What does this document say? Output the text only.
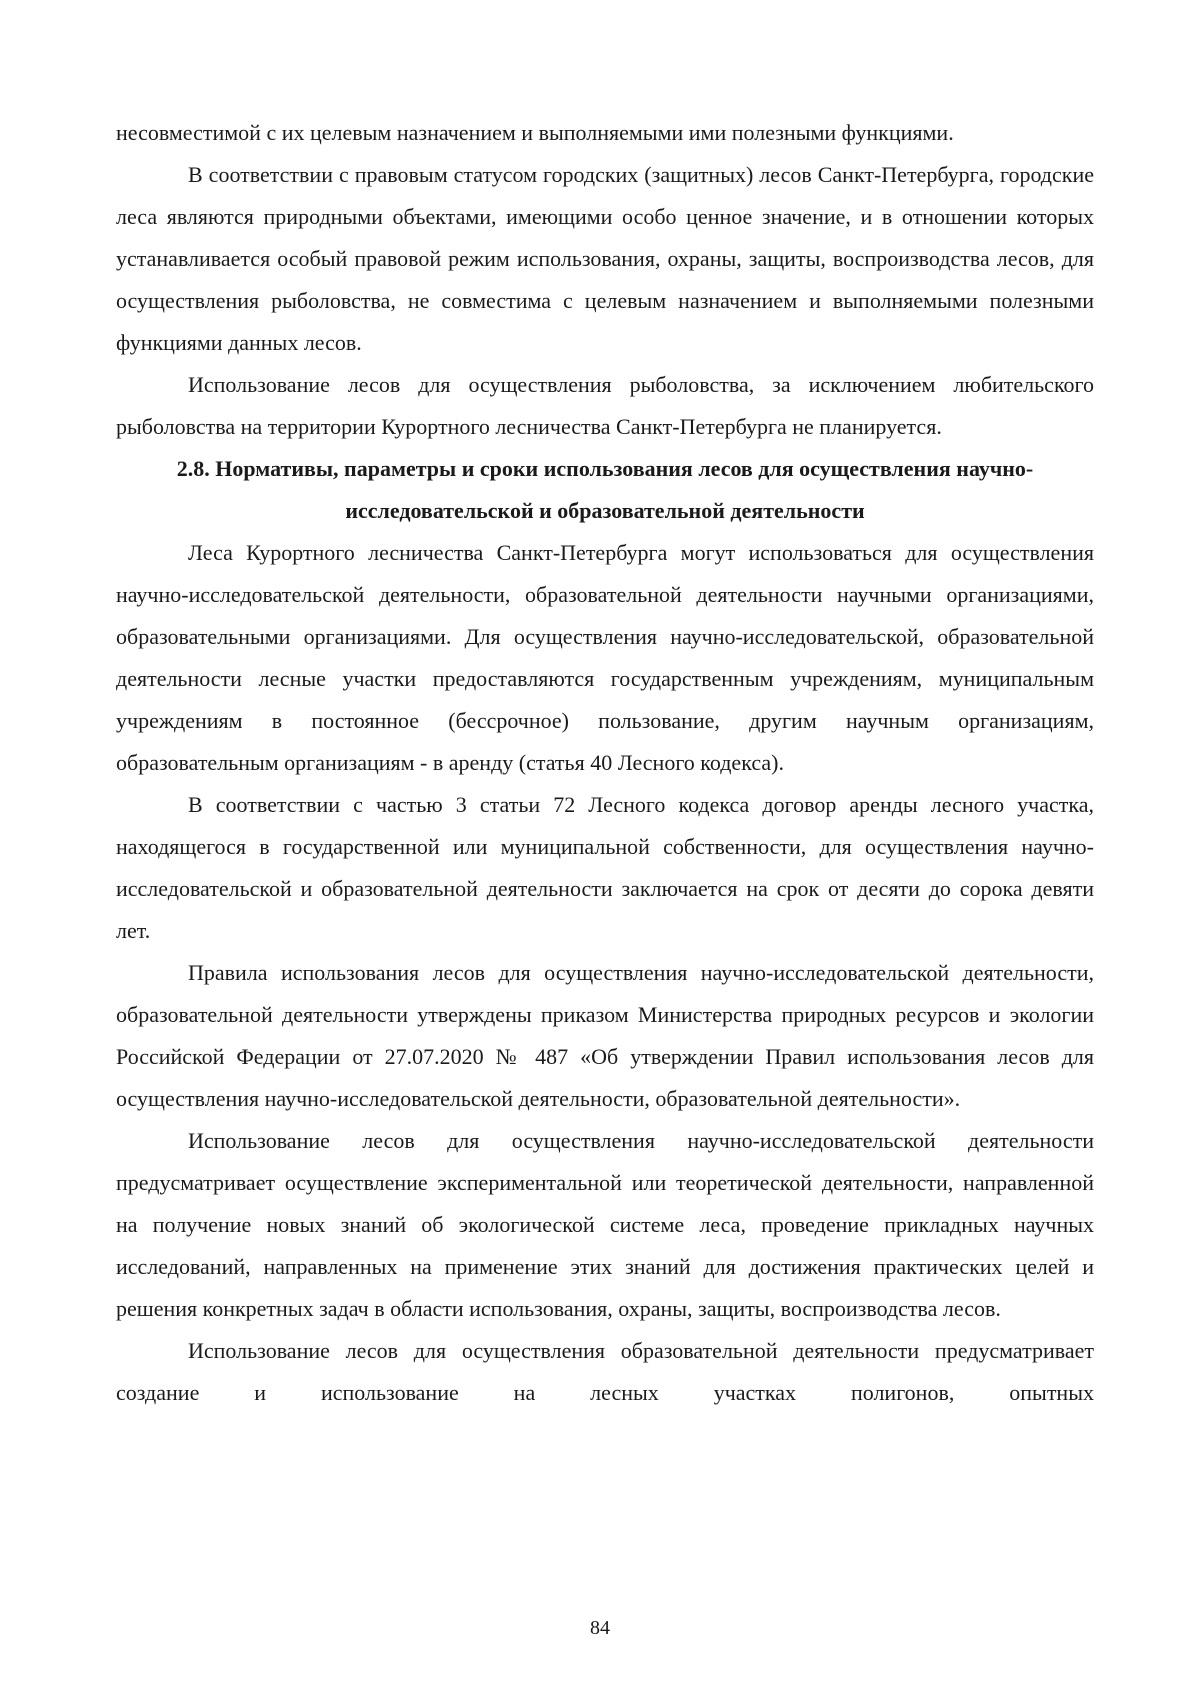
несовместимой с их целевым назначением и выполняемыми ими полезными функциями.

В соответствии с правовым статусом городских (защитных) лесов Санкт-Петербурга, городские леса являются природными объектами, имеющими особо ценное значение, и в отношении которых устанавливается особый правовой режим использования, охраны, защиты, воспроизводства лесов, для осуществления рыболовства, не совместима с целевым назначением и выполняемыми полезными функциями данных лесов.

Использование лесов для осуществления рыболовства, за исключением любительского рыболовства на территории Курортного лесничества Санкт-Петербурга не планируется.

2.8. Нормативы, параметры и сроки использования лесов для осуществления научно-исследовательской и образовательной деятельности

Леса Курортного лесничества Санкт-Петербурга могут использоваться для осуществления научно-исследовательской деятельности, образовательной деятельности научными организациями, образовательными организациями. Для осуществления научно-исследовательской, образовательной деятельности лесные участки предоставляются государственным учреждениям, муниципальным учреждениям в постоянное (бессрочное) пользование, другим научным организациям, образовательным организациям - в аренду (статья 40 Лесного кодекса).

В соответствии с частью 3 статьи 72 Лесного кодекса договор аренды лесного участка, находящегося в государственной или муниципальной собственности, для осуществления научно-исследовательской и образовательной деятельности заключается на срок от десяти до сорока девяти лет.

Правила использования лесов для осуществления научно-исследовательской деятельности, образовательной деятельности утверждены приказом Министерства природных ресурсов и экологии Российской Федерации от 27.07.2020 № 487 «Об утверждении Правил использования лесов для осуществления научно-исследовательской деятельности, образовательной деятельности».

Использование лесов для осуществления научно-исследовательской деятельности предусматривает осуществление экспериментальной или теоретической деятельности, направленной на получение новых знаний об экологической системе леса, проведение прикладных научных исследований, направленных на применение этих знаний для достижения практических целей и решения конкретных задач в области использования, охраны, защиты, воспроизводства лесов.

Использование лесов для осуществления образовательной деятельности предусматривает создание и использование на лесных участках полигонов, опытных

84
